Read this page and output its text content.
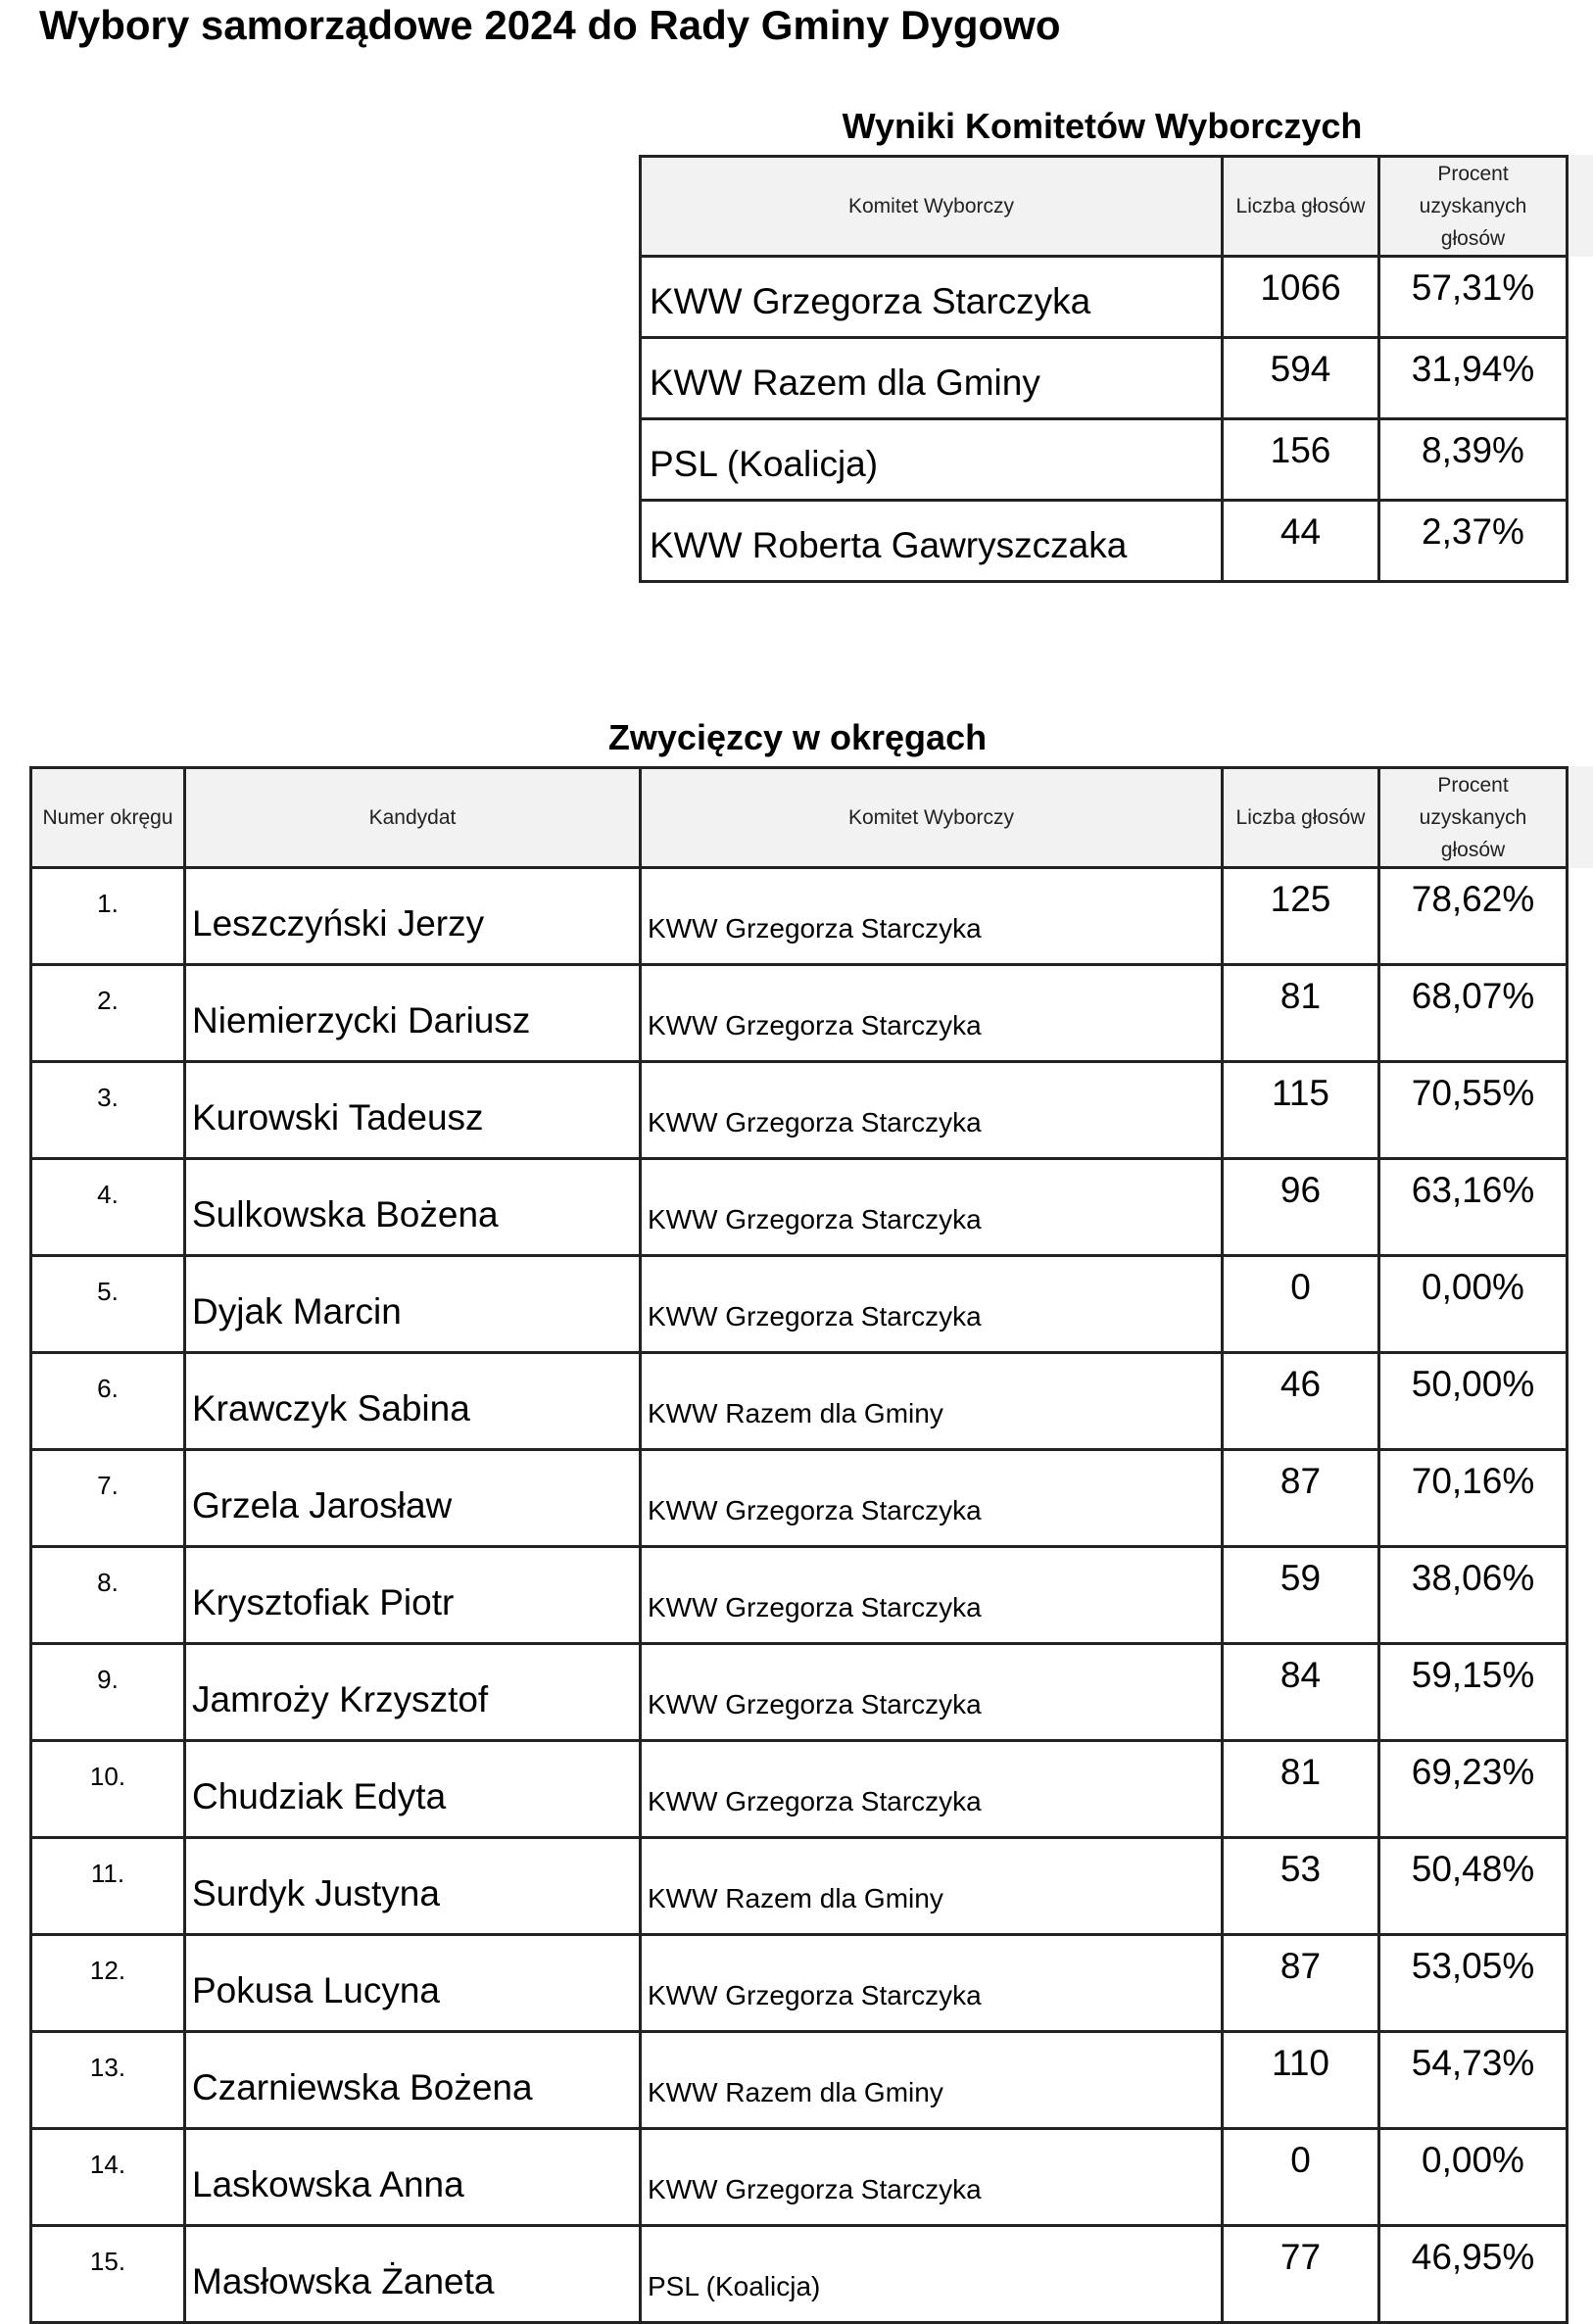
Wybory samorządowe 2024 do Rady Gminy Dygowo
Wyniki Komitetów Wyborczych
Komitet Wyborczy	Liczba głosów	Procent uzyskanych głosów
KWW Grzegorza Starczyka	1066	57,31%
KWW Razem dla Gminy	594	31,94%
PSL (Koalicja)	156	8,39%
KWW Roberta Gawryszczaka	44	2,37%
Zwycięzcy w okręgach
Numer okręgu	Kandydat	Komitet Wyborczy	Liczba głosów	Procent uzyskanych głosów
1.	Leszczyński Jerzy	KWW Grzegorza Starczyka	125	78,62%
2.	Niemierzycki Dariusz	KWW Grzegorza Starczyka	81	68,07%
3.	Kurowski Tadeusz	KWW Grzegorza Starczyka	115	70,55%
4.	Sulkowska Bożena	KWW Grzegorza Starczyka	96	63,16%
5.	Dyjak Marcin	KWW Grzegorza Starczyka	0	0,00%
6.	Krawczyk Sabina	KWW Razem dla Gminy	46	50,00%
7.	Grzela Jarosław	KWW Grzegorza Starczyka	87	70,16%
8.	Krysztofiak Piotr	KWW Grzegorza Starczyka	59	38,06%
9.	Jamroży Krzysztof	KWW Grzegorza Starczyka	84	59,15%
10.	Chudziak Edyta	KWW Grzegorza Starczyka	81	69,23%
11.	Surdyk Justyna	KWW Razem dla Gminy	53	50,48%
12.	Pokusa Lucyna	KWW Grzegorza Starczyka	87	53,05%
13.	Czarniewska Bożena	KWW Razem dla Gminy	110	54,73%
14.	Laskowska Anna	KWW Grzegorza Starczyka	0	0,00%
15.	Masłowska Żaneta	PSL (Koalicja)	77	46,95%
